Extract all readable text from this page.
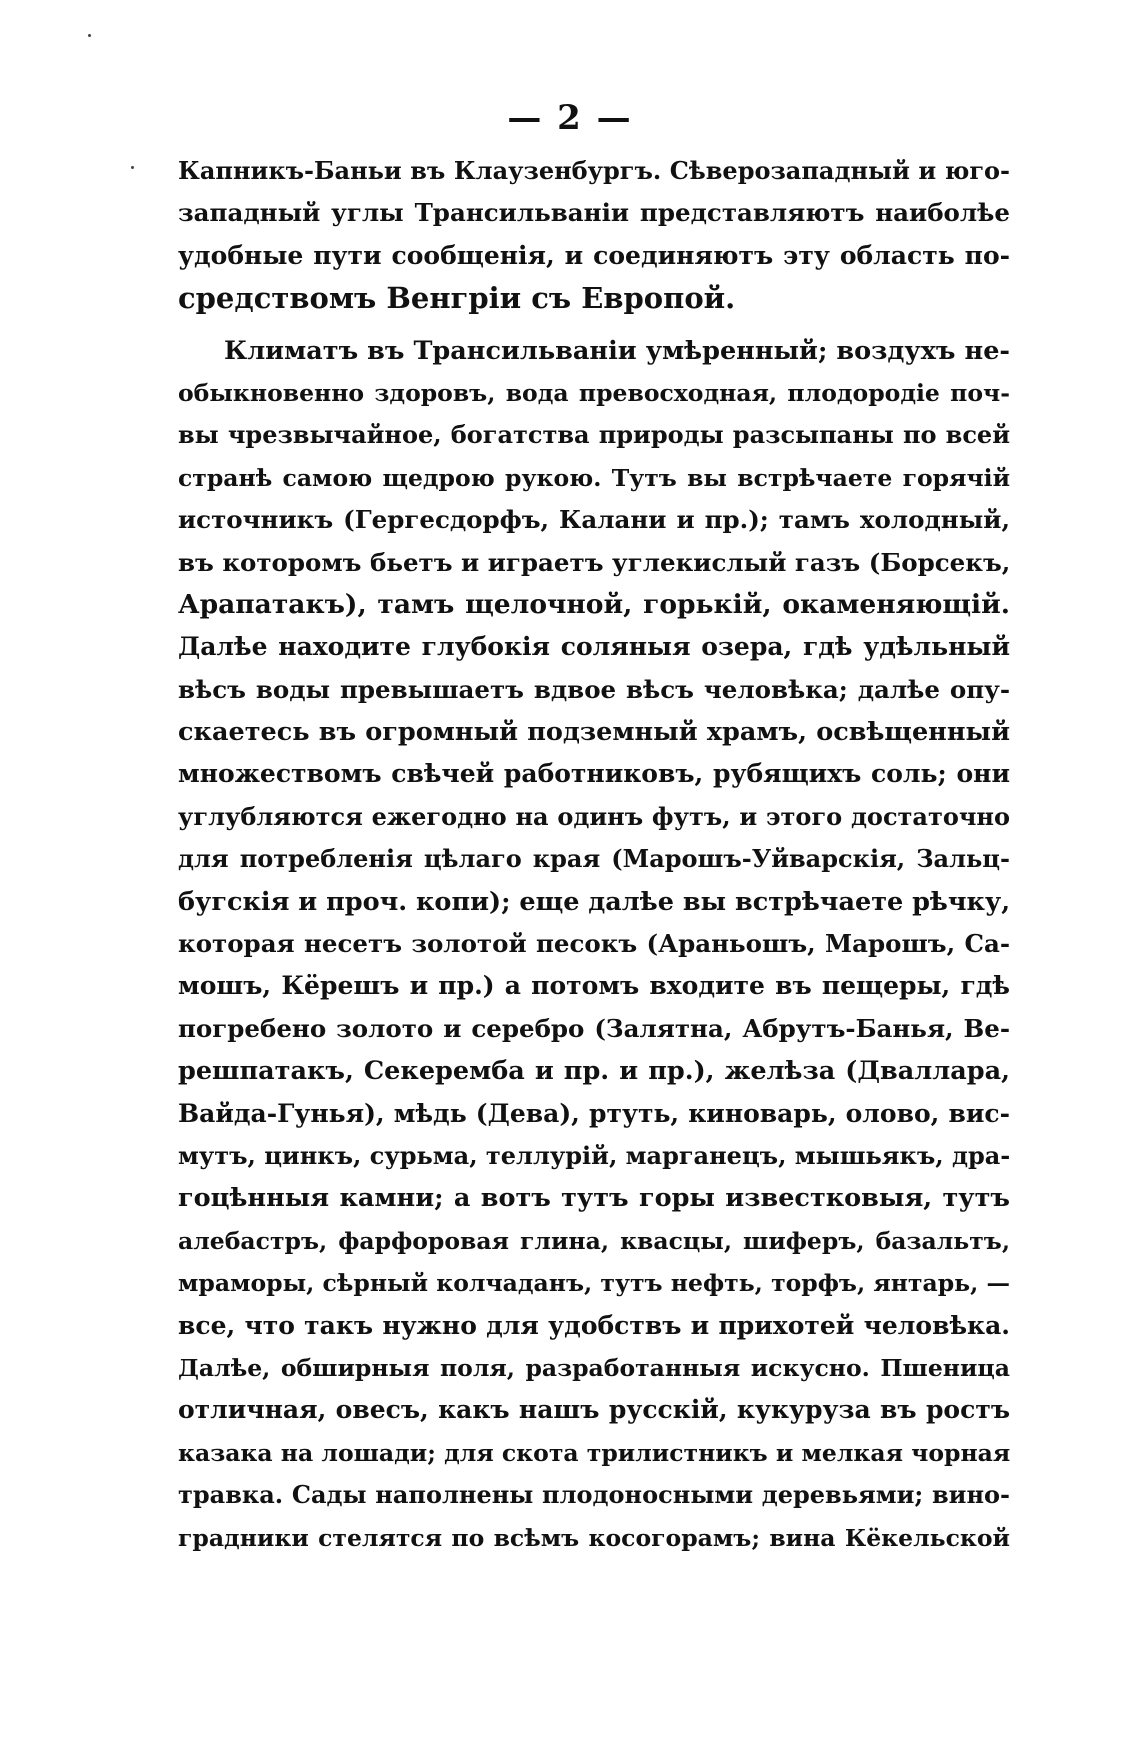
— 2 —
Капникъ-Баньи въ Клаузенбургъ. Сѣверозападный и юго-
западный углы Трансильваніи представляютъ наиболѣе
удобные пути сообщенія, и соединяютъ эту область по-
средствомъ Венгріи съ Европой.
Климатъ въ Трансильваніи умѣренный; воздухъ не-
обыкновенно здоровъ, вода превосходная, плодородіе поч-
вы чрезвычайное, богатства природы разсыпаны по всей
странѣ самою щедрою рукою. Тутъ вы встрѣчаете горячій
источникъ (Гергесдорфъ, Калани и пр.); тамъ холодный,
въ которомъ бьетъ и играетъ углекислый газъ (Борсекъ,
Арапатакъ), тамъ щелочной, горькій, окаменяющій.
Далѣе находите глубокія соляныя озера, гдѣ удѣльный
вѣсъ воды превышаетъ вдвое вѣсъ человѣка; далѣе опу-
скаетесь въ огромный подземный храмъ, освѣщенный
множествомъ свѣчей работниковъ, рубящихъ соль; они
углубляются ежегодно на одинъ футъ, и этого достаточно
для потребленія цѣлаго края (Марошъ-Уйварскія, Зальц-
бугскія и проч. копи); еще далѣе вы встрѣчаете рѣчку,
которая несетъ золотой песокъ (Араньошъ, Марошъ, Са-
мошъ, Кёрешъ и пр.) а потомъ входите въ пещеры, гдѣ
погребено золото и серебро (Залятна, Абрутъ-Банья, Ве-
решпатакъ, Секеремба и пр. и пр.), желѣза (Дваллара,
Вайда-Гунья), мѣдь (Дева), ртуть, киноварь, олово, вис-
мутъ, цинкъ, сурьма, теллурій, марганецъ, мышьякъ, дра-
гоцѣнныя камни; а вотъ тутъ горы известковыя, тутъ
алебастръ, фарфоровая глина, квасцы, шиферъ, базальтъ,
мраморы, сѣрный колчаданъ, тутъ нефть, торфъ, янтарь, —
все, что такъ нужно для удобствъ и прихотей человѣка.
Далѣе, обширныя поля, разработанныя искусно. Пшеница
отличная, овесъ, какъ нашъ русскій, кукуруза въ ростъ
казака на лошади; для скота трилистникъ и мелкая чорная
травка. Сады наполнены плодоносными деревьями; вино-
градники стелятся по всѣмъ косогорамъ; вина Кёкельской
